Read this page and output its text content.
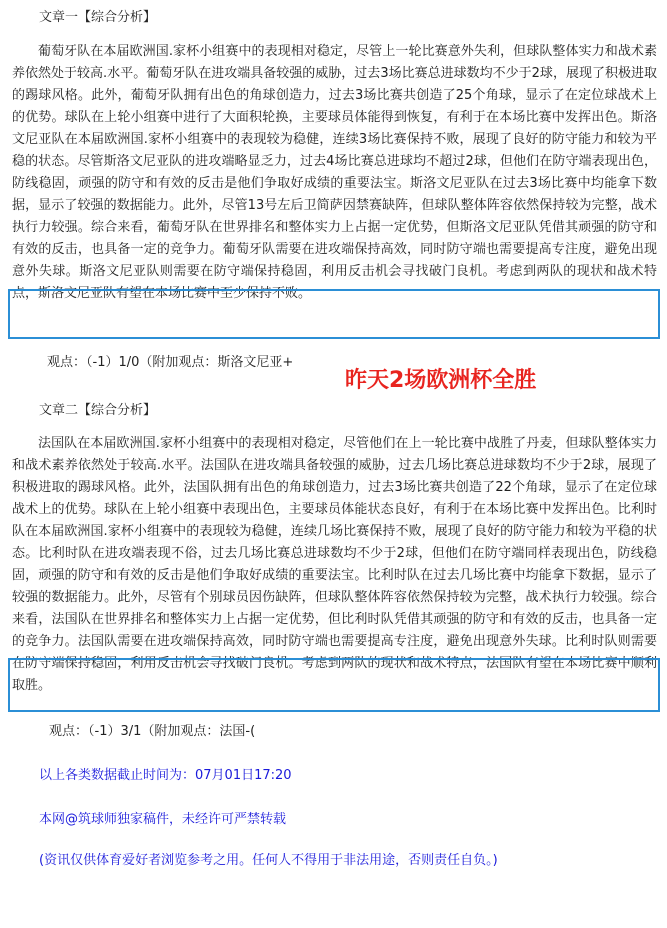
文章一【综合分析】

葡萄牙队在本届欧洲国.家杯小组赛中的表现相对稳定，尽管上一轮比赛意外失利，但球队整体实力和战术素养依然处于较高.水平。葡萄牙队在进攻端具备较强的威胁，过去3场比赛总进球数均不少于2球，展现了积极进取的踢球风格。此外，葡萄牙队拥有出色的角球创造力，过去3场比赛共创造了25个角球，显示了在定位球战术上的优势。球队在上轮小组赛中进行了大面积轮换，主要球员体能得到恢复，有利于在本场比赛中发挥出色。斯洛文尼亚队在本届欧洲国.家杯小组赛中的表现较为稳健，连续3场比赛保持不败，展现了良好的防守能力和较为平稳的状态。尽管斯洛文尼亚队的进攻端略显乏力，过去4场比赛总进球均不超过2球，但他们在防守端表现出色，防线稳固，顽强的防守和有效的反击是他们争取好成绩的重要法宝。斯洛文尼亚队在过去3场比赛中均能拿下数据，显示了较强的数据能力。此外，尽管13号左后卫简萨因禁赛缺阵，但球队整体阵容依然保持较为完整，战术执行力较强。综合来看，葡萄牙队在世界排名和整体实力上占据一定优势，但斯洛文尼亚队凭借其顽强的防守和有效的反击，也具备一定的竞争力。葡萄牙队需要在进攻端保持高效，同时防守端也需要提高专注度，避免出现意外失球。斯洛文尼亚队则需要在防守端保持稳固，利用反击机会寻找破门良机。考虑到两队的现状和战术特点，斯洛文尼亚队有望在本场比赛中至少保持不败。

观点：（-1）1/0（附加观点：斯洛文尼亚+
昨天2场欧洲杯全胜
文章二【综合分析】

法国队在本届欧洲国.家杯小组赛中的表现相对稳定，尽管他们在上一轮比赛中战胜了丹麦，但球队整体实力和战术素养依然处于较高.水平。法国队在进攻端具备较强的威胁，过去几场比赛总进球数均不少于2球，展现了积极进取的踢球风格。此外，法国队拥有出色的角球创造力，过去3场比赛共创造了22个角球，显示了在定位球战术上的优势。球队在上轮小组赛中表现出色，主要球员体能状态良好，有利于在本场比赛中发挥出色。比利时队在本届欧洲国.家杯小组赛中的表现较为稳健，连续几场比赛保持不败，展现了良好的防守能力和较为平稳的状态。比利时队在进攻端表现不俗，过去几场比赛总进球数均不少于2球，但他们在防守端同样表现出色，防线稳固，顽强的防守和有效的反击是他们争取好成绩的重要法宝。比利时队在过去几场比赛中均能拿下数据，显示了较强的数据能力。此外，尽管有个别球员因伤缺阵，但球队整体阵容依然保持较为完整，战术执行力较强。综合来看，法国队在世界排名和整体实力上占据一定优势，但比利时队凭借其顽强的防守和有效的反击，也具备一定的竞争力。法国队需要在进攻端保持高效，同时防守端也需要提高专注度，避免出现意外失球。比利时队则需要在防守端保持稳固，利用反击机会寻找破门良机。考虑到两队的现状和战术特点，法国队有望在本场比赛中顺利取胜。

观点：（-1）3/1（附加观点：法国-(
以上各类数据截止时间为：07月01日17:20
本网@筑球师独家稿件，未经许可严禁转载
(资讯仅供体育爱好者浏览参考之用。任何人不得用于非法用途，否则责任自负。)
